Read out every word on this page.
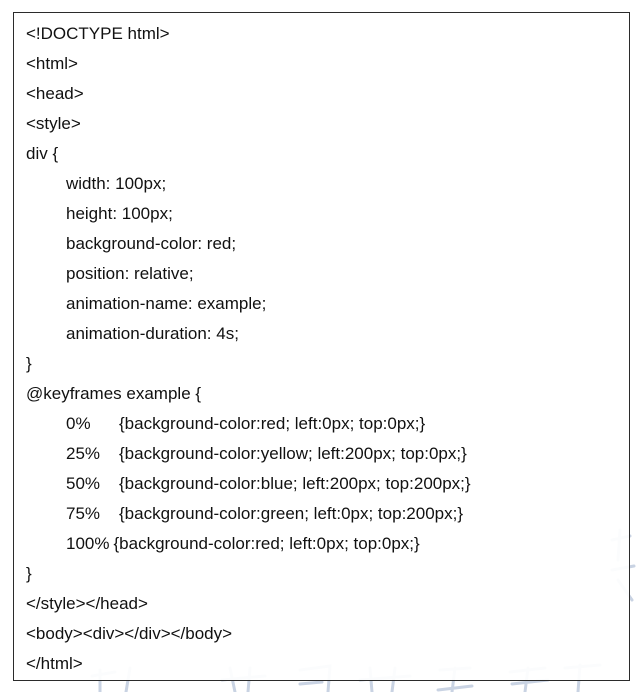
<!DOCTYPE html>
<html>
<head>
<style>
div {
width: 100px;
height: 100px;
background-color: red;
position: relative;
animation-name: example;
animation-duration: 4s;
}
@keyframes example {
0%	{background-color:red; left:0px; top:0px;}
25%	{background-color:yellow; left:200px; top:0px;}
50%	{background-color:blue; left:200px; top:200px;}
75%	{background-color:green; left:0px; top:200px;}
100% {background-color:red; left:0px; top:0px;}
}
</style></head>
<body><div></div></body>
</html>
